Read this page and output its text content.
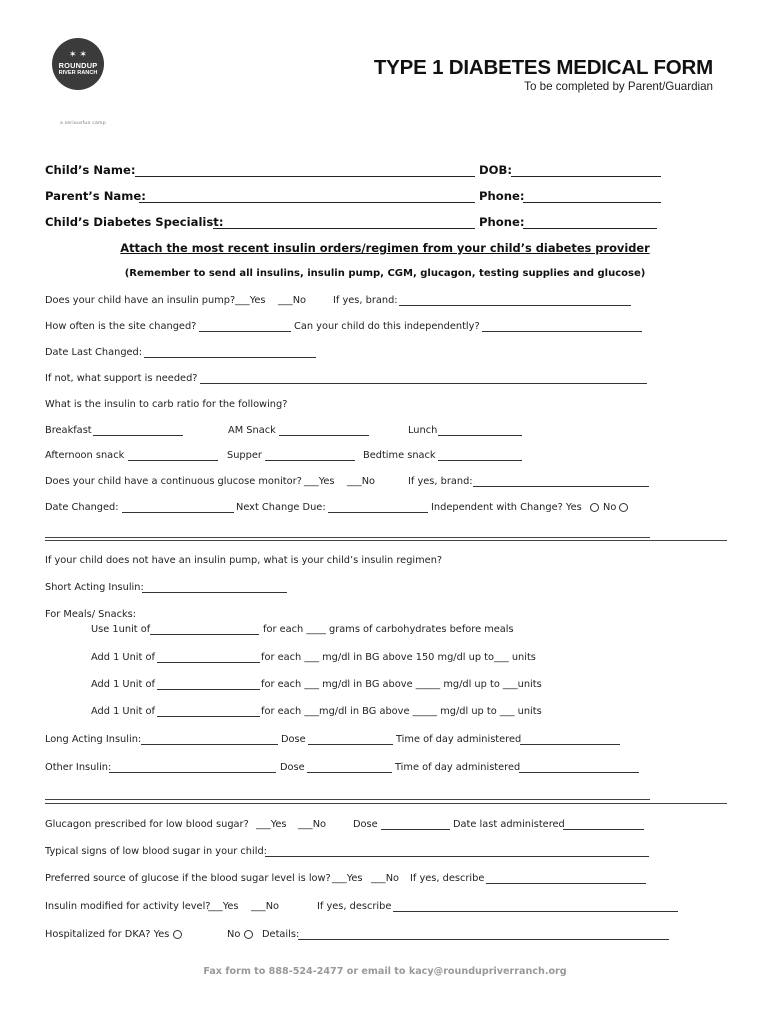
✶ ✶
ROUNDUP
RIVER RANCH
a seriousfun camp
TYPE 1 DIABETES MEDICAL FORM
To be completed by Parent/Guardian
Child’s Name:	DOB:
Parent’s Name:	Phone:
Child’s Diabetes Specialist:	Phone:
Attach the most recent insulin orders/regimen from your child’s diabetes provider
(Remember to send all insulins, insulin pump, CGM, glucagon, testing supplies and glucose)
Does your child have an insulin pump? ___Yes ___No	If yes, brand:
How often is the site changed?	Can your child do this independently?
Date Last Changed:
If not, what support is needed?
What is the insulin to carb ratio for the following?
Breakfast	AM Snack	Lunch
Afternoon snack	Supper	Bedtime snack
Does your child have a continuous glucose monitor? ___Yes ___No	If yes, brand:
Date Changed:	Next Change Due:	Independent with Change? Yes No
If your child does not have an insulin pump, what is your child’s insulin regimen?
Short Acting Insulin:
For Meals/ Snacks:
Use 1unit of	for each ____ grams of carbohydrates before meals
Add 1 Unit of	for each ___ mg/dl in BG above 150 mg/dl up to___ units
Add 1 Unit of	for each ___ mg/dl in BG above _____ mg/dl up to ___units
Add 1 Unit of	for each ___mg/dl in BG above _____ mg/dl up to ___ units
Long Acting Insulin:	Dose	Time of day administered
Other Insulin:	Dose	Time of day administered
Glucagon prescribed for low blood sugar? ___Yes ___No	Dose	Date last administered
Typical signs of low blood sugar in your child:
Preferred source of glucose if the blood sugar level is low? ___Yes ___No If yes, describe
Insulin modified for activity level?
___Yes ___No	If yes, describe
Hospitalized for DKA? Yes	No Details:
Fax form to 888-524-2477 or email to kacy@roundupriverranch.org
